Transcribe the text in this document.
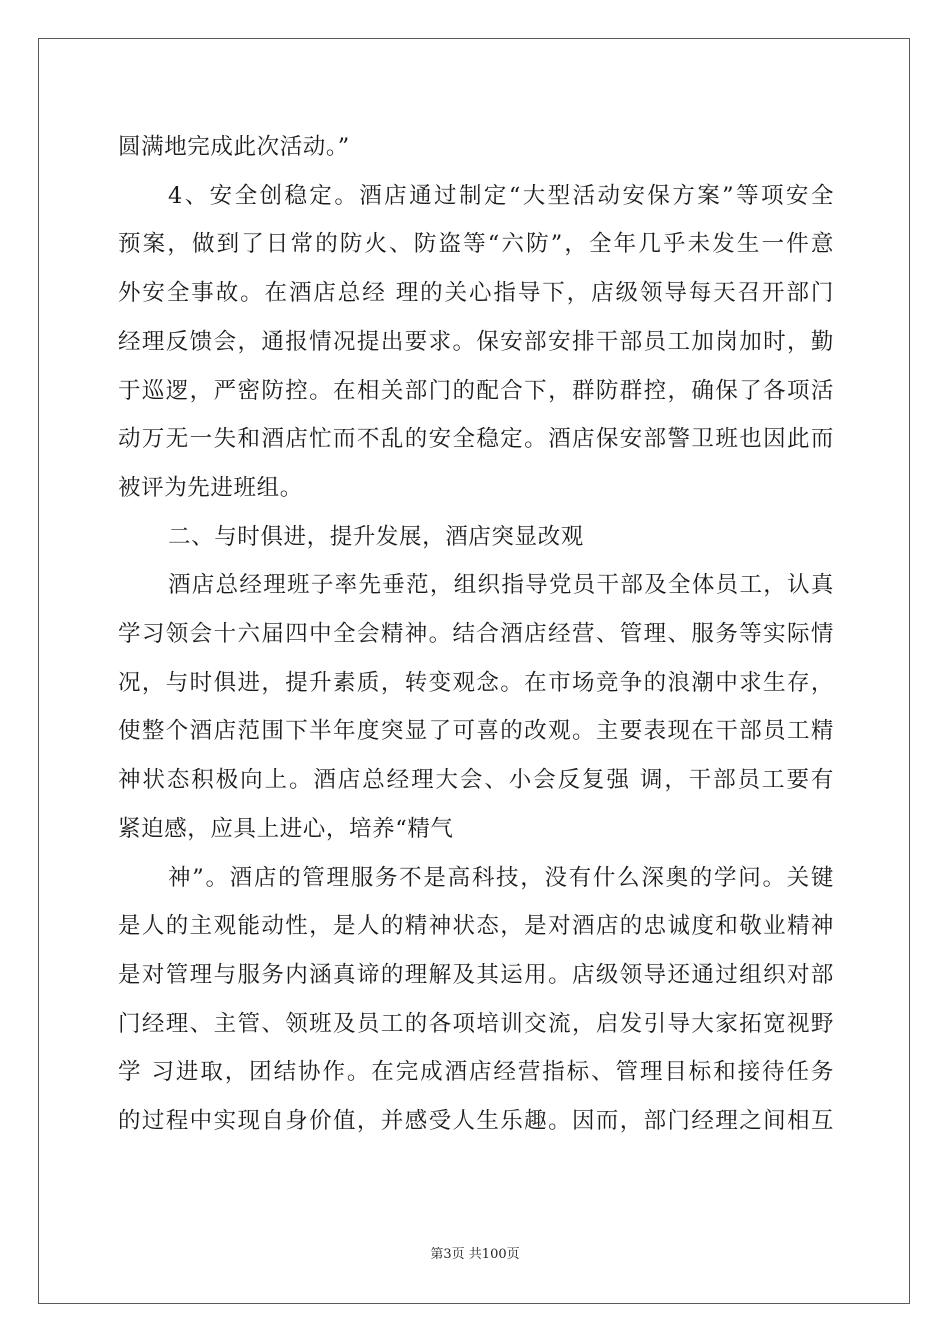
圆满地完成此次活动。”
4、安全创稳定。酒店通过制定“大型活动安保方案”等项安全
预案，做到了日常的防火、防盗等“六防”，全年几乎未发生一件意
外安全事故。在酒店总经 理的关心指导下，店级领导每天召开部门
经理反馈会，通报情况提出要求。保安部安排干部员工加岗加时，勤
于巡逻，严密防控。在相关部门的配合下，群防群控，确保了各项活
动万无一失和酒店忙而不乱的安全稳定。酒店保安部警卫班也因此而
被评为先进班组。
二、与时俱进，提升发展，酒店突显改观
酒店总经理班子率先垂范，组织指导党员干部及全体员工，认真
学习领会十六届四中全会精神。结合酒店经营、管理、服务等实际情
况，与时俱进，提升素质，转变观念。在市场竞争的浪潮中求生存，
使整个酒店范围下半年度突显了可喜的改观。主要表现在干部员工精
神状态积极向上。酒店总经理大会、小会反复强 调，干部员工要有
紧迫感，应具上进心，培养“精气
神”。酒店的管理服务不是高科技，没有什么深奥的学问。关键
是人的主观能动性，是人的精神状态，是对酒店的忠诚度和敬业精神
是对管理与服务内涵真谛的理解及其运用。店级领导还通过组织对部
门经理、主管、领班及员工的各项培训交流，启发引导大家拓宽视野
学 习进取，团结协作。在完成酒店经营指标、管理目标和接待任务
的过程中实现自身价值，并感受人生乐趣。因而，部门经理之间相互
第3页 共100页
